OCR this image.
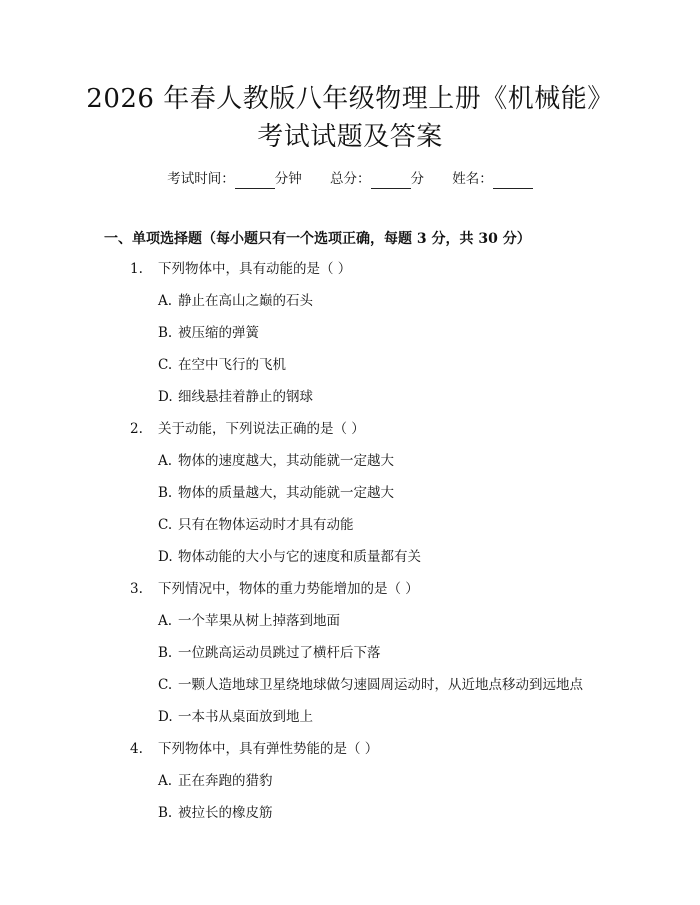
2026 年春人教版八年级物理上册《机械能》
考试试题及答案
考试时间：	分钟 总分：	分 姓名：
一、单项选择题（每小题只有一个选项正确，每题 3 分，共 30 分）
1. 下列物体中，具有动能的是（ ）
A. 静止在高山之巅的石头
B. 被压缩的弹簧
C. 在空中飞行的飞机
D. 细线悬挂着静止的钢球
2. 关于动能，下列说法正确的是（ ）
A. 物体的速度越大，其动能就一定越大
B. 物体的质量越大，其动能就一定越大
C. 只有在物体运动时才具有动能
D. 物体动能的大小与它的速度和质量都有关
3. 下列情况中，物体的重力势能增加的是（ ）
A. 一个苹果从树上掉落到地面
B. 一位跳高运动员跳过了横杆后下落
C. 一颗人造地球卫星绕地球做匀速圆周运动时，从近地点移动到远地点
D. 一本书从桌面放到地上
4. 下列物体中，具有弹性势能的是（ ）
A. 正在奔跑的猎豹
B. 被拉长的橡皮筋
